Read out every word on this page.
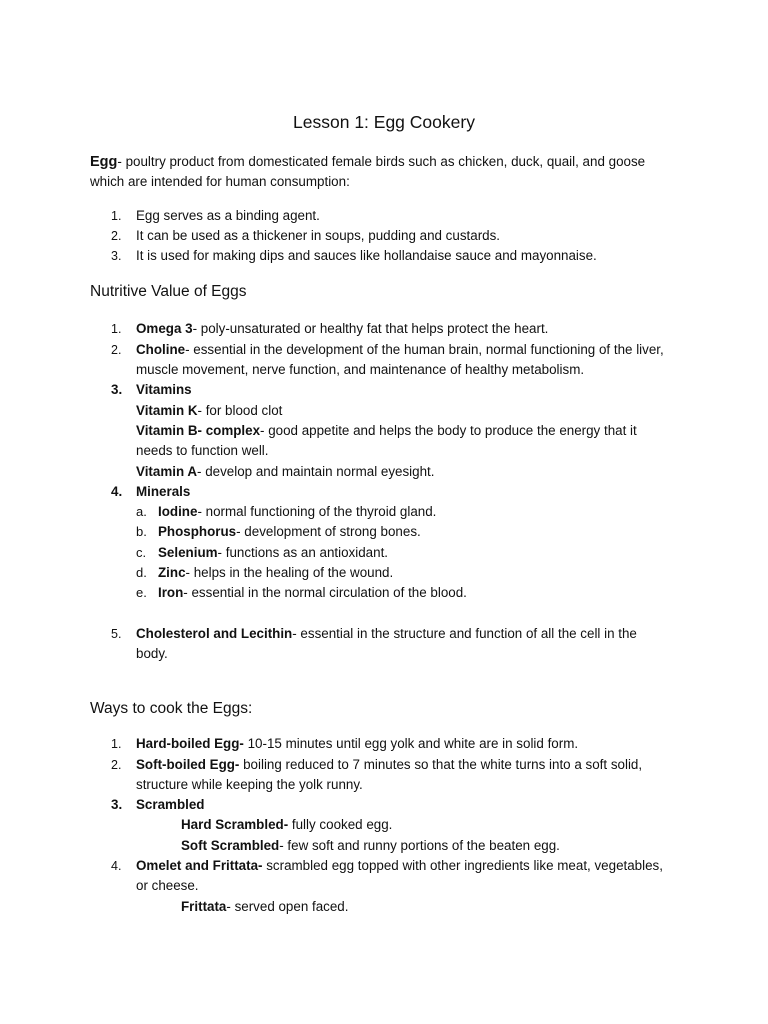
Lesson 1: Egg Cookery

Egg- poultry product from domesticated female birds such as chicken, duck, quail, and goose which are intended for human consumption:

1.	Egg serves as a binding agent.
2.	It can be used as a thickener in soups, pudding and custards.
3.	It is used for making dips and sauces like hollandaise sauce and mayonnaise.
Nutritive Value of Eggs
1.	Omega 3- poly-unsaturated or healthy fat that helps protect the heart.
2.	Choline- essential in the development of the human brain, normal functioning of the liver, muscle movement, nerve function, and maintenance of healthy metabolism.
3.	Vitamins
Vitamin K- for blood clot
Vitamin B- complex- good appetite and helps the body to produce the energy that it needs to function well.
Vitamin A- develop and maintain normal eyesight.
4.	Minerals
a. Iodine- normal functioning of the thyroid gland.
b. Phosphorus- development of strong bones.
c. Selenium- functions as an antioxidant.
d. Zinc- helps in the healing of the wound.
e. Iron- essential in the normal circulation of the blood.
5.	Cholesterol and Lecithin- essential in the structure and function of all the cell in the body.
Ways to cook the Eggs:
1.	Hard-boiled Egg- 10-15 minutes until egg yolk and white are in solid form.
2.	Soft-boiled Egg- boiling reduced to 7 minutes so that the white turns into a soft solid, structure while keeping the yolk runny.
3.	Scrambled
Hard Scrambled- fully cooked egg.
Soft Scrambled- few soft and runny portions of the beaten egg.
4.	Omelet and Frittata- scrambled egg topped with other ingredients like meat, vegetables, or cheese.
Frittata- served open faced.
